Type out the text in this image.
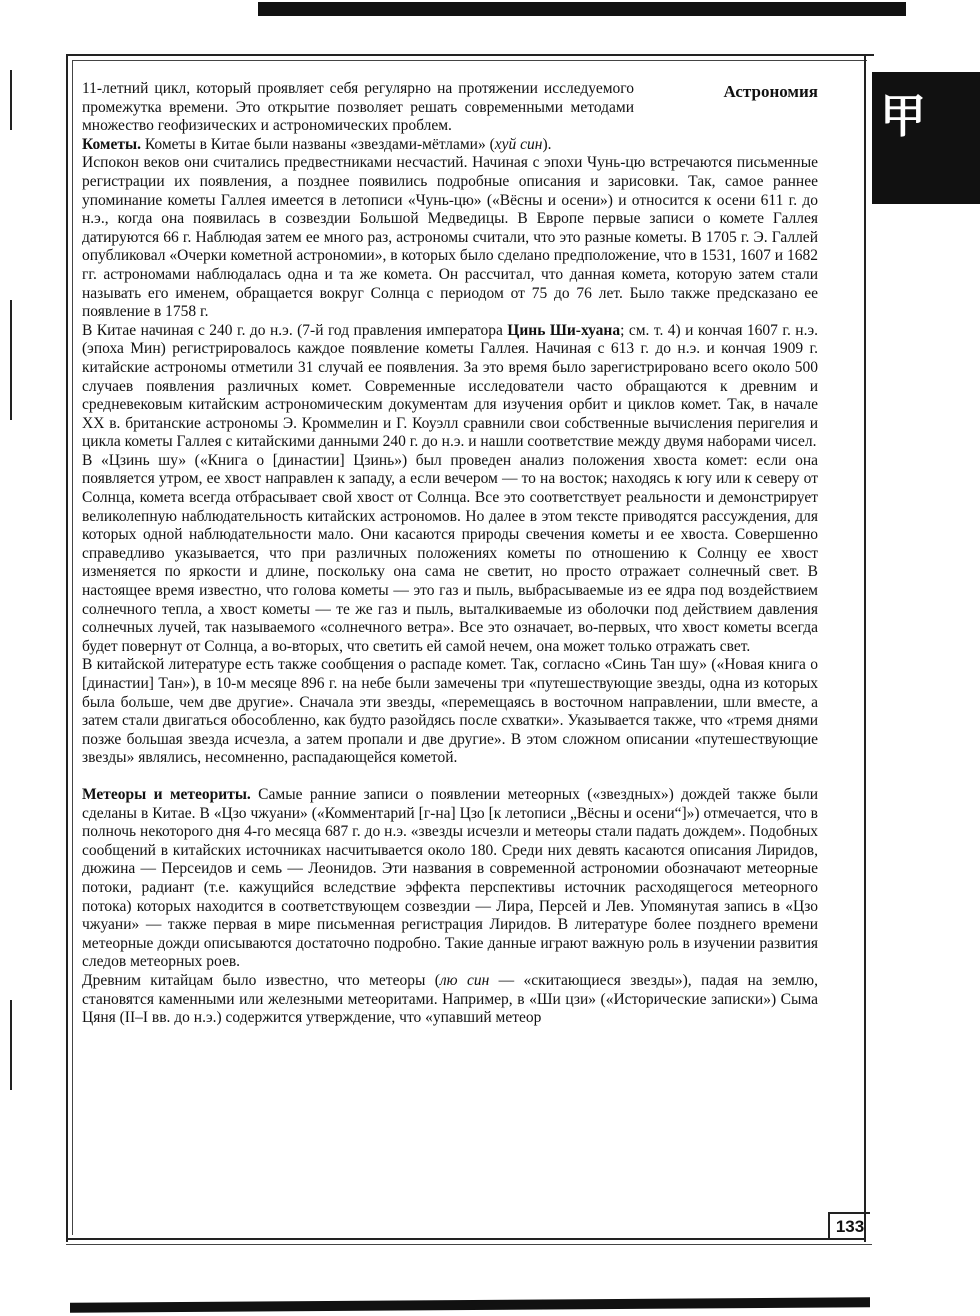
甲
Астрономия

11-летний цикл, который проявляет себя регулярно на протяжении исследуемого промежутка времени. Это открытие позволяет решать современными методами множество геофизических и астрономических проблем.

Кометы. Кометы в Китае были названы «звездами-мётлами» (хуй син).

Испокон веков они считались предвестниками несчастий. Начиная с эпохи Чунь-цю встречаются письменные регистрации их появления, а позднее появились подробные описания и зарисовки. Так, самое раннее упоминание кометы Галлея имеется в летописи «Чунь-цю» («Вёсны и осени») и относится к осени 611 г. до н.э., когда она появилась в созвездии Большой Медведицы. В Европе первые записи о комете Галлея датируются 66 г. Наблюдая затем ее много раз, астрономы считали, что это разные кометы. В 1705 г. Э. Галлей опубликовал «Очерки кометной астрономии», в которых было сделано предположение, что в 1531, 1607 и 1682 гг. астрономами наблюдалась одна и та же комета. Он рассчитал, что данная комета, которую затем стали называть его именем, обращается вокруг Солнца с периодом от 75 до 76 лет. Было также предсказано ее появление в 1758 г.

В Китае начиная с 240 г. до н.э. (7-й год правления императора Цинь Ши-хуана; см. т. 4) и кончая 1607 г. н.э. (эпоха Мин) регистрировалось каждое появление кометы Галлея. Начиная с 613 г. до н.э. и кончая 1909 г. китайские астрономы отметили 31 случай ее появления. За это время было зарегистрировано всего около 500 случаев появления различных комет. Современные исследователи часто обращаются к древним и средневековым китайским астрономическим документам для изучения орбит и циклов комет. Так, в начале XX в. британские астрономы Э. Кроммелин и Г. Коуэлл сравнили свои собственные вычисления перигелия и цикла кометы Галлея с китайскими данными 240 г. до н.э. и нашли соответствие между двумя наборами чисел.

В «Цзинь шу» («Книга о [династии] Цзинь») был проведен анализ положения хвоста комет: если она появляется утром, ее хвост направлен к западу, а если вечером — то на восток; находясь к югу или к северу от Солнца, комета всегда отбрасывает свой хвост от Солнца. Все это соответствует реальности и демонстрирует великолепную наблюдательность китайских астрономов. Но далее в этом тексте приводятся рассуждения, для которых одной наблюдательности мало. Они касаются природы свечения кометы и ее хвоста. Совершенно справедливо указывается, что при различных положениях кометы по отношению к Солнцу ее хвост изменяется по яркости и длине, поскольку она сама не светит, но просто отражает солнечный свет. В настоящее время известно, что голова кометы — это газ и пыль, выбрасываемые из ее ядра под воздействием солнечного тепла, а хвост кометы — те же газ и пыль, выталкиваемые из оболочки под действием давления солнечных лучей, так называемого «солнечного ветра». Все это означает, во-первых, что хвост кометы всегда будет повернут от Солнца, а во-вторых, что светить ей самой нечем, она может только отражать свет.

В китайской литературе есть также сообщения о распаде комет. Так, согласно «Синь Тан шу» («Новая книга о [династии] Тан»), в 10-м месяце 896 г. на небе были замечены три «путешествующие звезды, одна из которых была больше, чем две другие». Сначала эти звезды, «перемещаясь в восточном направлении, шли вместе, а затем стали двигаться обособленно, как будто разойдясь после схватки». Указывается также, что «тремя днями позже большая звезда исчезла, а затем пропали и две другие». В этом сложном описании «путешествующие звезды» являлись, несомненно, распадающейся кометой.

Метеоры и метеориты. Самые ранние записи о появлении метеорных («звездных») дождей также были сделаны в Китае. В «Цзо чжуани» («Комментарий [г-на] Цзо [к летописи „Вёсны и осени“]») отмечается, что в полночь некоторого дня 4-го месяца 687 г. до н.э. «звезды исчезли и метеоры стали падать дождем». Подобных сообщений в китайских источниках насчитывается около 180. Среди них девять касаются описания Лиридов, дюжина — Персеидов и семь — Леонидов. Эти названия в современной астрономии обозначают метеорные потоки, радиант (т.е. кажущийся вследствие эффекта перспективы источник расходящегося метеорного потока) которых находится в соответствующем созвездии — Лира, Персей и Лев. Упомянутая запись в «Цзо чжуани» — также первая в мире письменная регистрация Лиридов. В литературе более позднего времени метеорные дожди описываются достаточно подробно. Такие данные играют важную роль в изучении развития следов метеорных роев.

Древним китайцам было известно, что метеоры (лю син — «скитающиеся звезды»), падая на землю, становятся каменными или железными метеоритами. Например, в «Ши цзи» («Исторические записки») Сыма Цяня (II–I вв. до н.э.) содержится утверждение, что «упавший метеор

133
